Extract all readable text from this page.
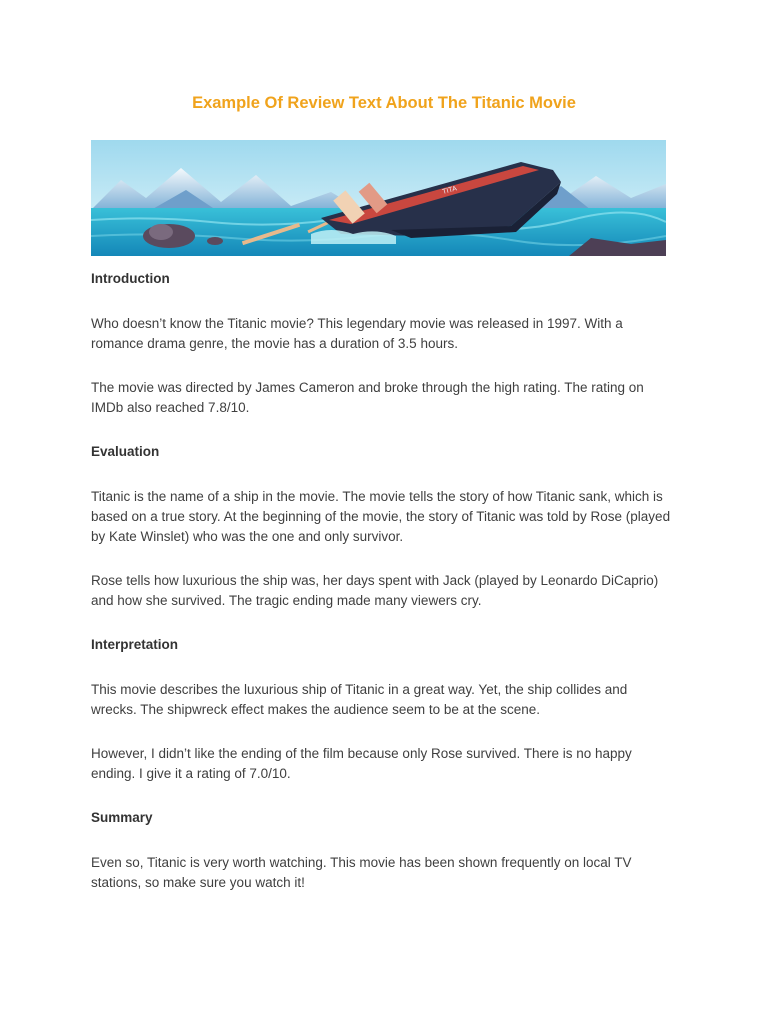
Example Of Review Text About The Titanic Movie
TITA
Introduction

Who doesn’t know the Titanic movie? This legendary movie was released in 1997. With a romance drama genre, the movie has a duration of 3.5 hours.

The movie was directed by James Cameron and broke through the high rating. The rating on IMDb also reached 7.8/10.

Evaluation

Titanic is the name of a ship in the movie. The movie tells the story of how Titanic sank, which is based on a true story. At the beginning of the movie, the story of Titanic was told by Rose (played by Kate Winslet) who was the one and only survivor.

Rose tells how luxurious the ship was, her days spent with Jack (played by Leonardo DiCaprio) and how she survived. The tragic ending made many viewers cry.

Interpretation

This movie describes the luxurious ship of Titanic in a great way. Yet, the ship collides and wrecks. The shipwreck effect makes the audience seem to be at the scene.

However, I didn’t like the ending of the film because only Rose survived. There is no happy ending. I give it a rating of 7.0/10.

Summary

Even so, Titanic is very worth watching. This movie has been shown frequently on local TV stations, so make sure you watch it!
